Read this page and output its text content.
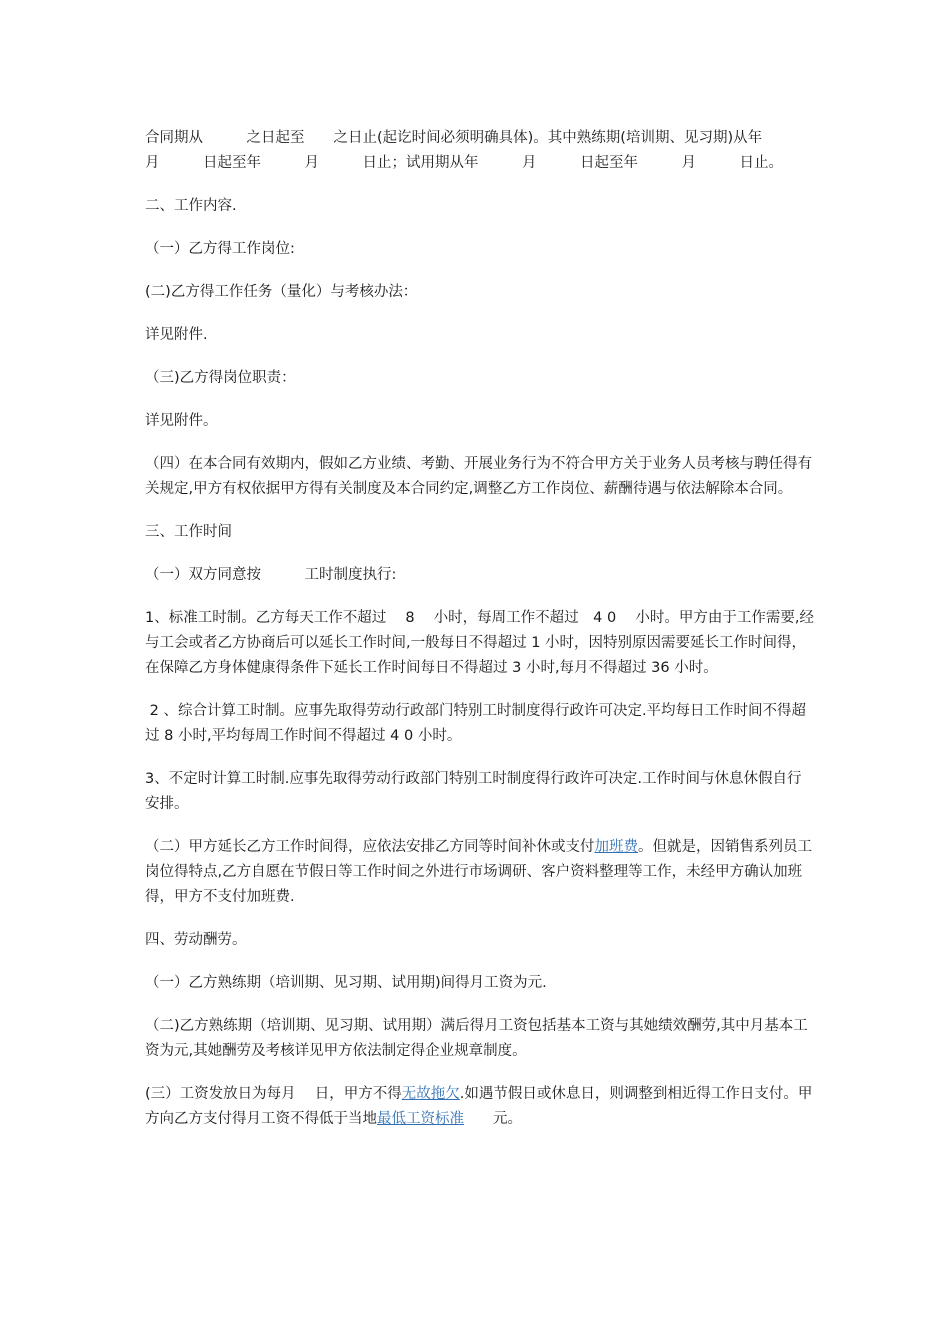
合同期从　　　之日起至　　之日止(起讫时间必须明确具体)。其中熟练期(培训期、见习期)从年　　　月　　　日起至年　　　月　　　日止；试用期从年　　　月　　　日起至年　　　月　　　日止。

二、工作内容.

（一）乙方得工作岗位:

(二)乙方得工作任务（量化）与考核办法：

详见附件.

（三)乙方得岗位职责：

详见附件。

（四）在本合同有效期内，假如乙方业绩、考勤、开展业务行为不符合甲方关于业务人员考核与聘任得有关规定,甲方有权依据甲方得有关制度及本合同约定,调整乙方工作岗位、薪酬待遇与依法解除本合同。

三、工作时间

（一）双方同意按　　　工时制度执行:

1、标准工时制。乙方每天工作不超过　 8　 小时，每周工作不超过　4 0　 小时。甲方由于工作需要,经与工会或者乙方协商后可以延长工作时间,一般每日不得超过 1 小时，因特别原因需要延长工作时间得，在保障乙方身体健康得条件下延长工作时间每日不得超过 3 小时,每月不得超过 36 小时。

2 、综合计算工时制。应事先取得劳动行政部门特别工时制度得行政许可决定.平均每日工作时间不得超过 8 小时,平均每周工作时间不得超过 4 0 小时。

3、不定时计算工时制.应事先取得劳动行政部门特别工时制度得行政许可决定.工作时间与休息休假自行安排。

（二）甲方延长乙方工作时间得，应依法安排乙方同等时间补休或支付加班费。但就是，因销售系列员工岗位得特点,乙方自愿在节假日等工作时间之外进行市场调研、客户资料整理等工作，未经甲方确认加班得，甲方不支付加班费.

四、劳动酬劳。

（一）乙方熟练期（培训期、见习期、试用期)间得月工资为元.

（二)乙方熟练期（培训期、见习期、试用期）满后得月工资包括基本工资与其她绩效酬劳,其中月基本工资为元,其她酬劳及考核详见甲方依法制定得企业规章制度。

(三）工资发放日为每月　 日，甲方不得无故拖欠.如遇节假日或休息日，则调整到相近得工作日支付。甲方向乙方支付得月工资不得低于当地最低工资标准　　元。
